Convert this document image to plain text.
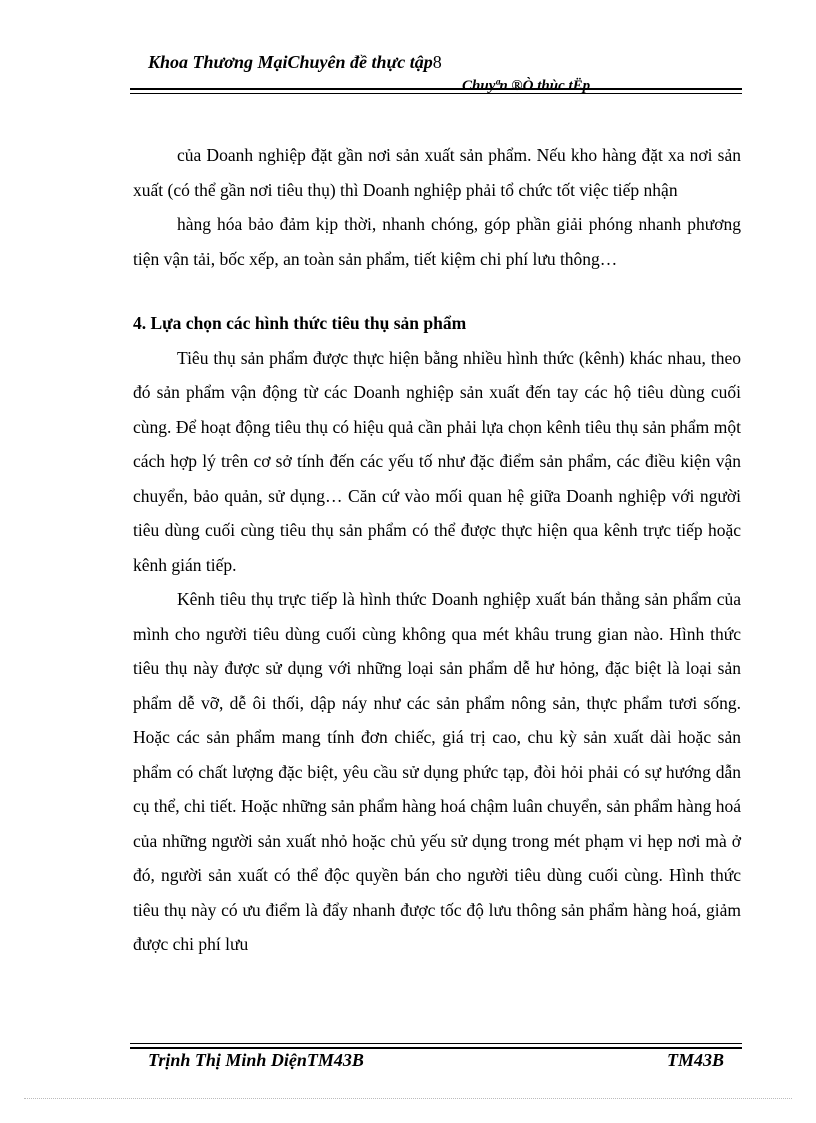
Khoa Thương MạiChuyên đề thực tập8
Chuyªn ®Ò thùc tËp

của Doanh nghiệp đặt gần nơi sản xuất sản phẩm. Nếu kho hàng đặt xa nơi sản xuất (có thể gần nơi tiêu thụ) thì Doanh nghiệp phải tổ chức tốt việc tiếp nhận

hàng hóa bảo đảm kịp thời, nhanh chóng, góp phần giải phóng nhanh phương tiện vận tải, bốc xếp, an toàn sản phẩm, tiết kiệm chi phí lưu thông…

4. Lựa chọn các hình thức tiêu thụ sản phẩm

Tiêu thụ sản phẩm được thực hiện bằng nhiều hình thức (kênh) khác nhau, theo đó sản phẩm vận động từ các Doanh nghiệp sản xuất đến tay các hộ tiêu dùng cuối cùng. Để hoạt động tiêu thụ có hiệu quả cần phải lựa chọn kênh tiêu thụ sản phẩm một cách hợp lý trên cơ sở tính đến các yếu tố như đặc điểm sản phẩm, các điều kiện vận chuyển, bảo quản, sử dụng… Căn cứ vào mối quan hệ giữa Doanh nghiệp với người tiêu dùng cuối cùng tiêu thụ sản phẩm có thể được thực hiện qua kênh trực tiếp hoặc kênh gián tiếp.

Kênh tiêu thụ trực tiếp là hình thức Doanh nghiệp xuất bán thẳng sản phẩm của mình cho người tiêu dùng cuối cùng không qua mét khâu trung gian nào. Hình thức tiêu thụ này được sử dụng với những loại sản phẩm dễ hư hỏng, đặc biệt là loại sản phẩm dễ vỡ, dễ ôi thối, dập náy như các sản phẩm nông sản, thực phẩm tươi sống. Hoặc các sản phẩm mang tính đơn chiếc, giá trị cao, chu kỳ sản xuất dài hoặc sản phẩm có chất lượng đặc biệt, yêu cầu sử dụng phức tạp, đòi hỏi phải có sự hướng dẫn cụ thể, chi tiết. Hoặc những sản phẩm hàng hoá chậm luân chuyển, sản phẩm hàng hoá của những người sản xuất nhỏ hoặc chủ yếu sử dụng trong mét phạm vi hẹp nơi mà ở đó, người sản xuất có thể độc quyền bán cho người tiêu dùng cuối cùng. Hình thức tiêu thụ này có ưu điểm là đẩy nhanh được tốc độ lưu thông sản phẩm hàng hoá, giảm được chi phí lưu

Trịnh Thị Minh DiệnTM43B	TM43B
